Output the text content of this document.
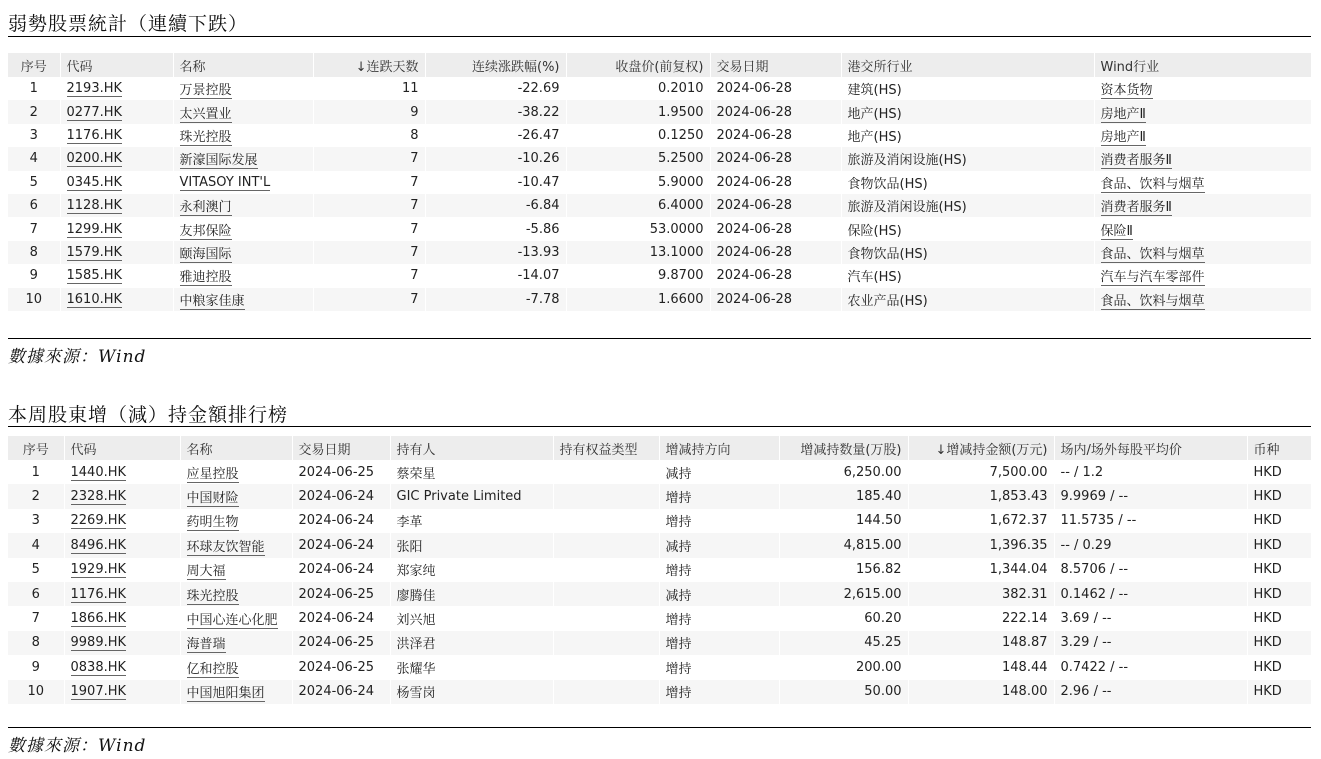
弱勢股票統計（連續下跌）
序号	代码	名称	↓连跌天数	连续涨跌幅(%)	收盘价(前复权)	交易日期	港交所行业	Wind行业
1	2193.HK	万景控股	11	-22.69	0.2010	2024-06-28	建筑(HS)	资本货物
2	0277.HK	太兴置业	9	-38.22	1.9500	2024-06-28	地产(HS)	房地产Ⅱ
3	1176.HK	珠光控股	8	-26.47	0.1250	2024-06-28	地产(HS)	房地产Ⅱ
4	0200.HK	新濠国际发展	7	-10.26	5.2500	2024-06-28	旅游及消闲设施(HS)	消费者服务Ⅱ
5	0345.HK	VITASOY INT'L	7	-10.47	5.9000	2024-06-28	食物饮品(HS)	食品、饮料与烟草
6	1128.HK	永利澳门	7	-6.84	6.4000	2024-06-28	旅游及消闲设施(HS)	消费者服务Ⅱ
7	1299.HK	友邦保险	7	-5.86	53.0000	2024-06-28	保险(HS)	保险Ⅱ
8	1579.HK	颐海国际	7	-13.93	13.1000	2024-06-28	食物饮品(HS)	食品、饮料与烟草
9	1585.HK	雅迪控股	7	-14.07	9.8700	2024-06-28	汽车(HS)	汽车与汽车零部件
10	1610.HK	中粮家佳康	7	-7.78	1.6600	2024-06-28	农业产品(HS)	食品、饮料与烟草
數據來源：Wind
本周股東增（減）持金額排行榜
序号	代码	名称	交易日期	持有人	持有权益类型	增减持方向	增减持数量(万股)	↓增减持金额(万元)	场内/场外每股平均价	币种
1	1440.HK	应星控股	2024-06-25	蔡荣星		减持	6,250.00	7,500.00	-- / 1.2	HKD
2	2328.HK	中国财险	2024-06-24	GIC Private Limited		增持	185.40	1,853.43	9.9969 / --	HKD
3	2269.HK	药明生物	2024-06-24	李革		增持	144.50	1,672.37	11.5735 / --	HKD
4	8496.HK	环球友饮智能	2024-06-24	张阳		减持	4,815.00	1,396.35	-- / 0.29	HKD
5	1929.HK	周大福	2024-06-24	郑家纯		增持	156.82	1,344.04	8.5706 / --	HKD
6	1176.HK	珠光控股	2024-06-25	廖腾佳		减持	2,615.00	382.31	0.1462 / --	HKD
7	1866.HK	中国心连心化肥	2024-06-24	刘兴旭		增持	60.20	222.14	3.69 / --	HKD
8	9989.HK	海普瑞	2024-06-25	洪泽君		增持	45.25	148.87	3.29 / --	HKD
9	0838.HK	亿和控股	2024-06-25	张耀华		增持	200.00	148.44	0.7422 / --	HKD
10	1907.HK	中国旭阳集团	2024-06-24	杨雪岗		增持	50.00	148.00	2.96 / --	HKD
數據來源：Wind
